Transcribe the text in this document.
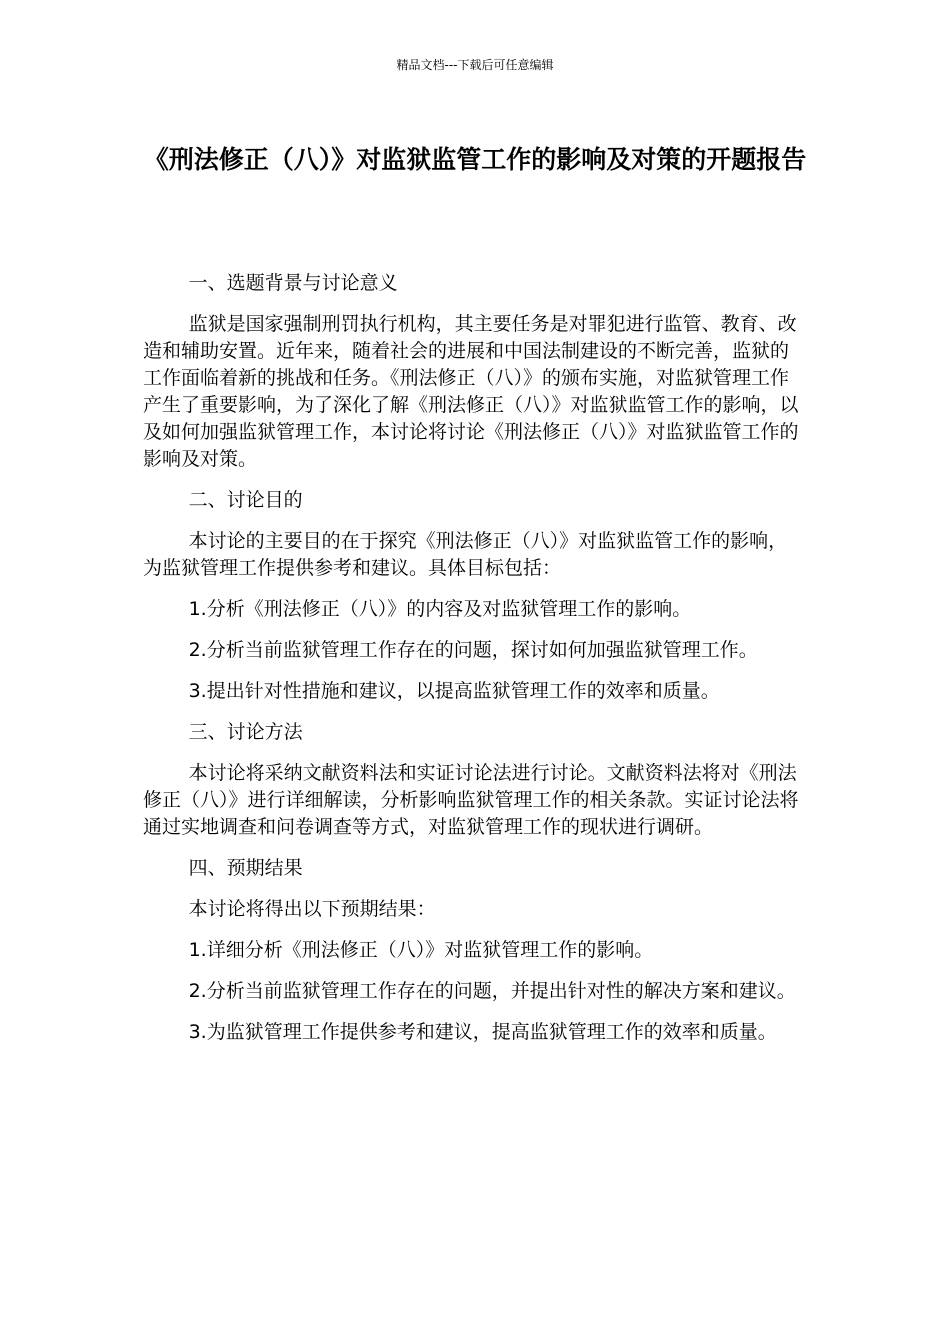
精品文档---下载后可任意编辑
《刑法修正（八）》对监狱监管工作的影响及对策的开题报告

一、选题背景与讨论意义

监狱是国家强制刑罚执行机构，其主要任务是对罪犯进行监管、教育、改造和辅助安置。近年来，随着社会的进展和中国法制建设的不断完善，监狱的工作面临着新的挑战和任务。《刑法修正（八）》的颁布实施，对监狱管理工作产生了重要影响，为了深化了解《刑法修正（八）》对监狱监管工作的影响，以及如何加强监狱管理工作，本讨论将讨论《刑法修正（八）》对监狱监管工作的影响及对策。

二、讨论目的

本讨论的主要目的在于探究《刑法修正（八）》对监狱监管工作的影响，为监狱管理工作提供参考和建议。具体目标包括：

1.分析《刑法修正（八）》的内容及对监狱管理工作的影响。

2.分析当前监狱管理工作存在的问题，探讨如何加强监狱管理工作。

3.提出针对性措施和建议，以提高监狱管理工作的效率和质量。

三、讨论方法

本讨论将采纳文献资料法和实证讨论法进行讨论。文献资料法将对《刑法修正（八）》进行详细解读，分析影响监狱管理工作的相关条款。实证讨论法将通过实地调查和问卷调查等方式，对监狱管理工作的现状进行调研。

四、预期结果

本讨论将得出以下预期结果：

1.详细分析《刑法修正（八）》对监狱管理工作的影响。

2.分析当前监狱管理工作存在的问题，并提出针对性的解决方案和建议。

3.为监狱管理工作提供参考和建议，提高监狱管理工作的效率和质量。
